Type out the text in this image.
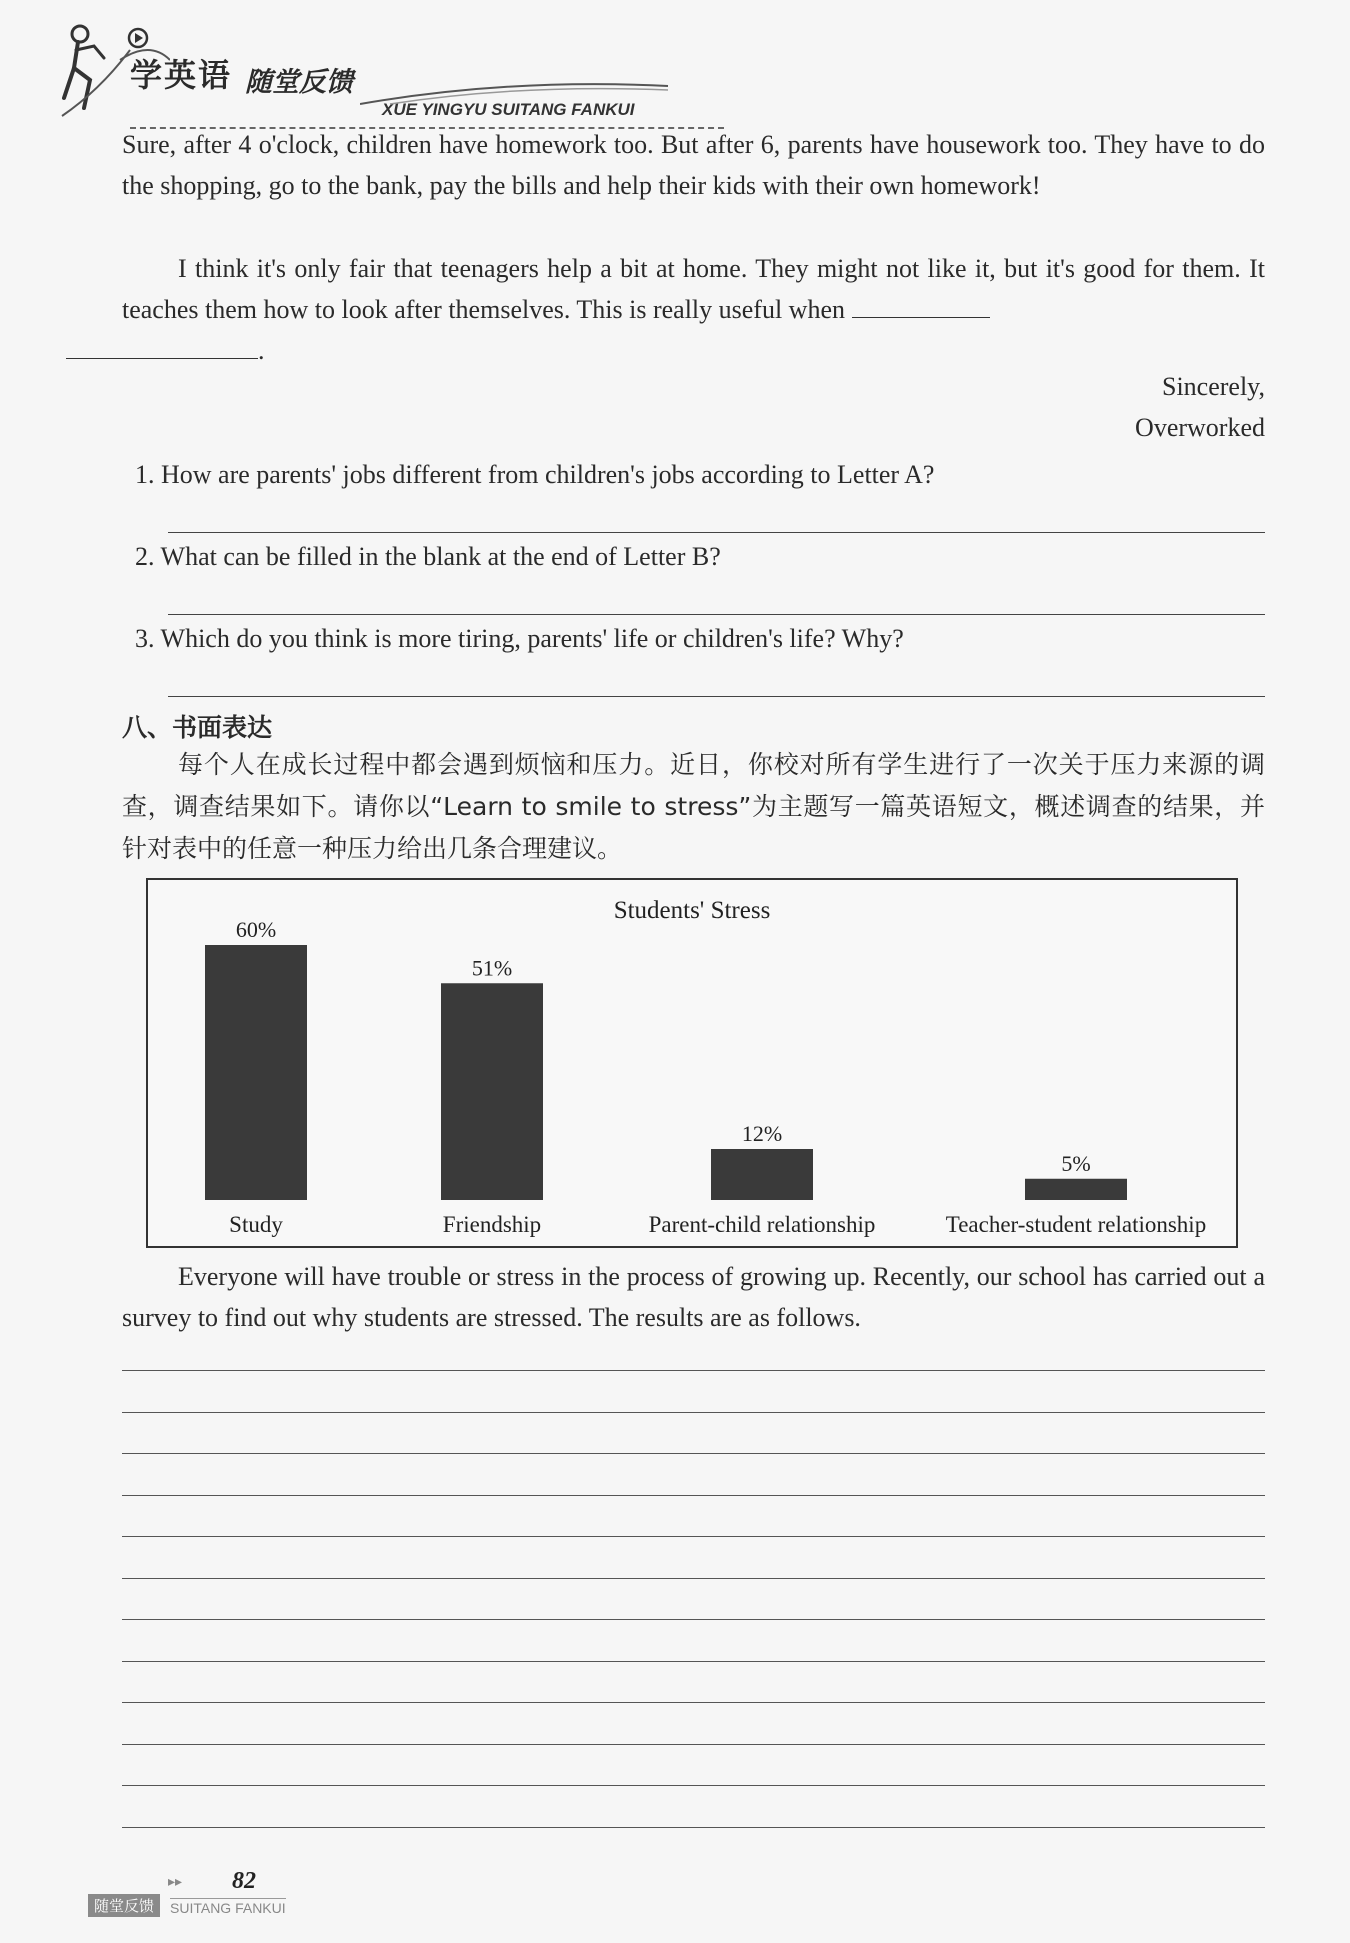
学英语 随堂反馈
XUE YINGYU SUITANG FANKUI
Sure, after 4 o'clock, children have homework too. But after 6, parents have housework too. They have to do the shopping, go to the bank, pay the bills and help their kids with their own homework!
I think it's only fair that teenagers help a bit at home. They might not like it, but it's good for them. It teaches them how to look after themselves. This is really useful when
.
Sincerely,
Overworked
1. How are parents' jobs different from children's jobs according to Letter A?
2. What can be filled in the blank at the end of Letter B?
3. Which do you think is more tiring, parents' life or children's life? Why?
八、书面表达
每个人在成长过程中都会遇到烦恼和压力。近日，你校对所有学生进行了一次关于压力来源的调查，调查结果如下。请你以“Learn to smile to stress”为主题写一篇英语短文，概述调查的结果，并针对表中的任意一种压力给出几条合理建议。
Students' Stress
60%
Study
51%
Friendship
12%
Parent-child relationship
5%
Teacher-student relationship
Everyone will have trouble or stress in the process of growing up. Recently, our school has carried out a survey to find out why students are stressed. The results are as follows.
▸▸ 82
随堂反馈	SUITANG FANKUI
